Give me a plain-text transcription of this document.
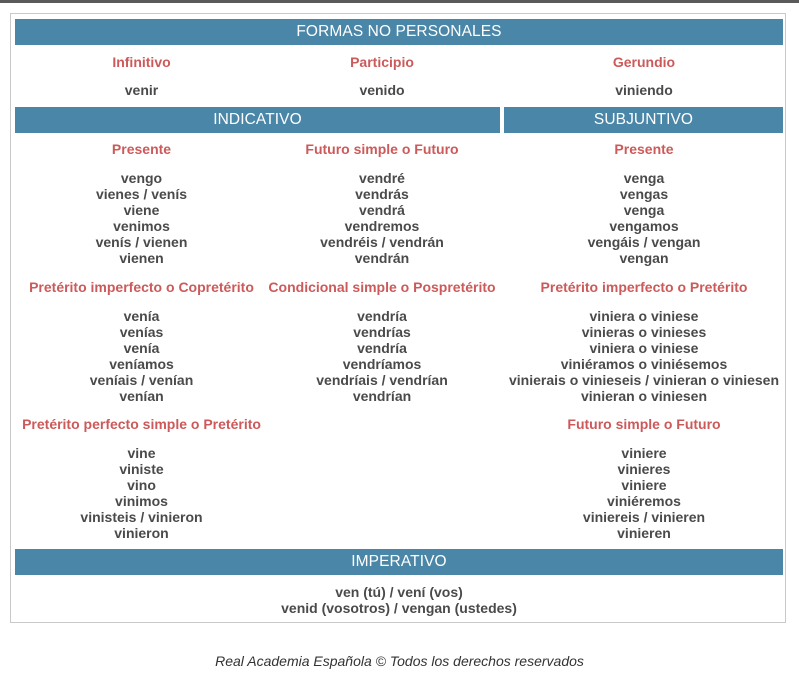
FORMAS NO PERSONALES
Infinitivo
venir
Participio
venido
Gerundio
viniendo
INDICATIVO	SUBJUNTIVO
Presente
vengo
vienes / venís
viene
venimos
venís / vienen
vienen
Futuro simple o Futuro
vendré
vendrás
vendrá
vendremos
vendréis / vendrán
vendrán
Presente
venga
vengas
venga
vengamos
vengáis / vengan
vengan
Pretérito imperfecto o Copretérito
venía
venías
venía
veníamos
veníais / venían
venían
Condicional simple o Pospretérito
vendría
vendrías
vendría
vendríamos
vendríais / vendrían
vendrían
Pretérito imperfecto o Pretérito
viniera o viniese
vinieras o vinieses
viniera o viniese
viniéramos o viniésemos
vinierais o vinieseis / vinieran o viniesen
vinieran o viniesen
Pretérito perfecto simple o Pretérito
vine
viniste
vino
vinimos
vinisteis / vinieron
vinieron
Futuro simple o Futuro
viniere
vinieres
viniere
viniéremos
viniereis / vinieren
vinieren
IMPERATIVO
ven (tú) / vení (vos)
venid (vosotros) / vengan (ustedes)
Real Academia Española © Todos los derechos reservados
